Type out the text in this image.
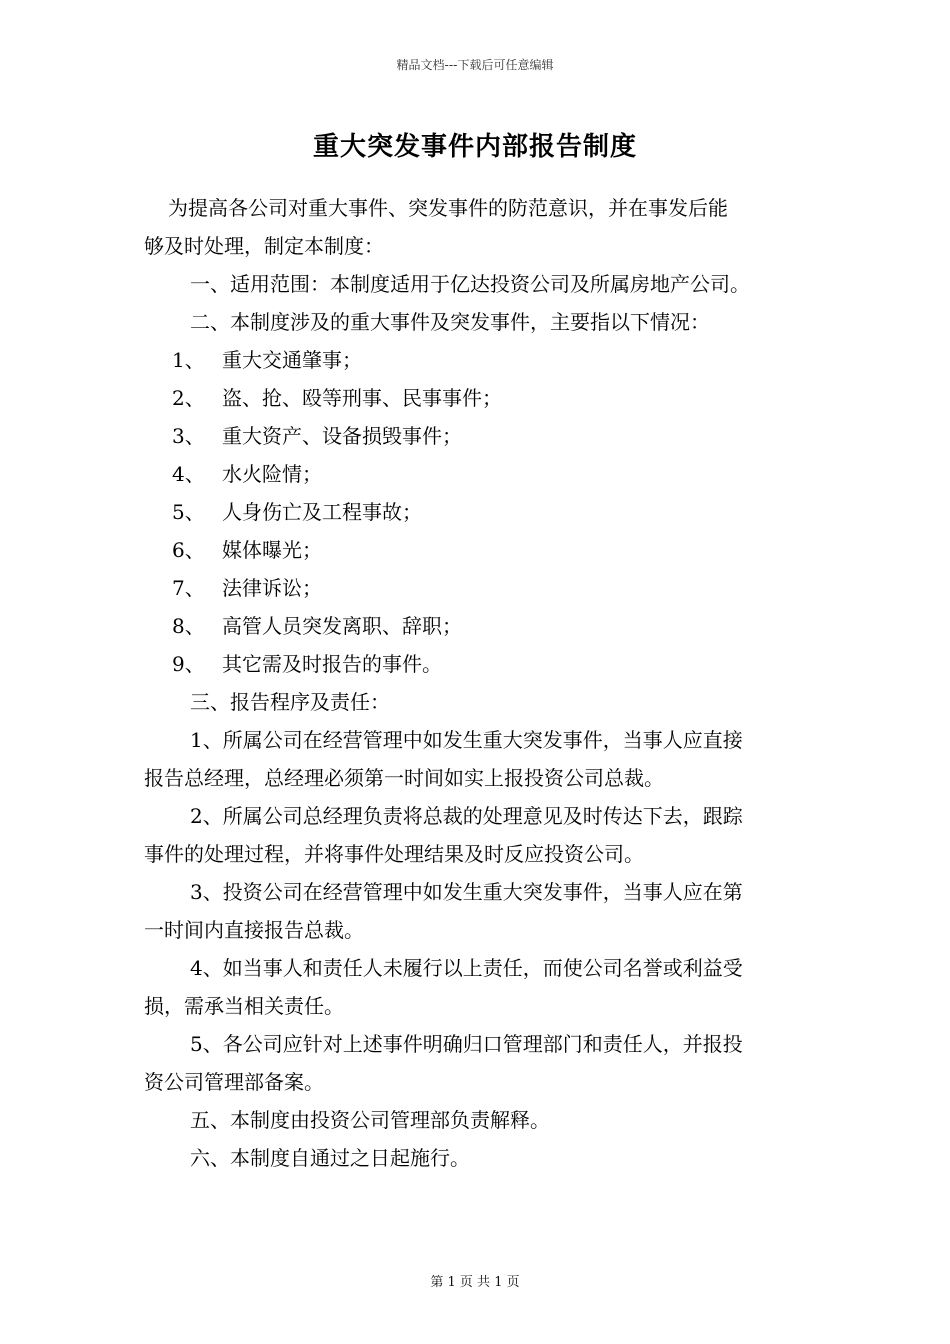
精品文档---下载后可任意编辑
重大突发事件内部报告制度
为提高各公司对重大事件、突发事件的防范意识，并在事发后能
够及时处理，制定本制度：
一、适用范围：本制度适用于亿达投资公司及所属房地产公司。
二、本制度涉及的重大事件及突发事件，主要指以下情况：
1、 重大交通肇事；
2、 盗、抢、殴等刑事、民事事件；
3、 重大资产、设备损毁事件；
4、 水火险情；
5、 人身伤亡及工程事故；
6、 媒体曝光；
7、 法律诉讼；
8、 高管人员突发离职、辞职；
9、 其它需及时报告的事件。
三、报告程序及责任：
1、所属公司在经营管理中如发生重大突发事件，当事人应直接
报告总经理，总经理必须第一时间如实上报投资公司总裁。
2、所属公司总经理负责将总裁的处理意见及时传达下去，跟踪
事件的处理过程，并将事件处理结果及时反应投资公司。
3、投资公司在经营管理中如发生重大突发事件，当事人应在第
一时间内直接报告总裁。
4、如当事人和责任人未履行以上责任，而使公司名誉或利益受
损，需承当相关责任。
5、各公司应针对上述事件明确归口管理部门和责任人，并报投
资公司管理部备案。
五、本制度由投资公司管理部负责解释。
六、本制度自通过之日起施行。
第 1 页 共 1 页
